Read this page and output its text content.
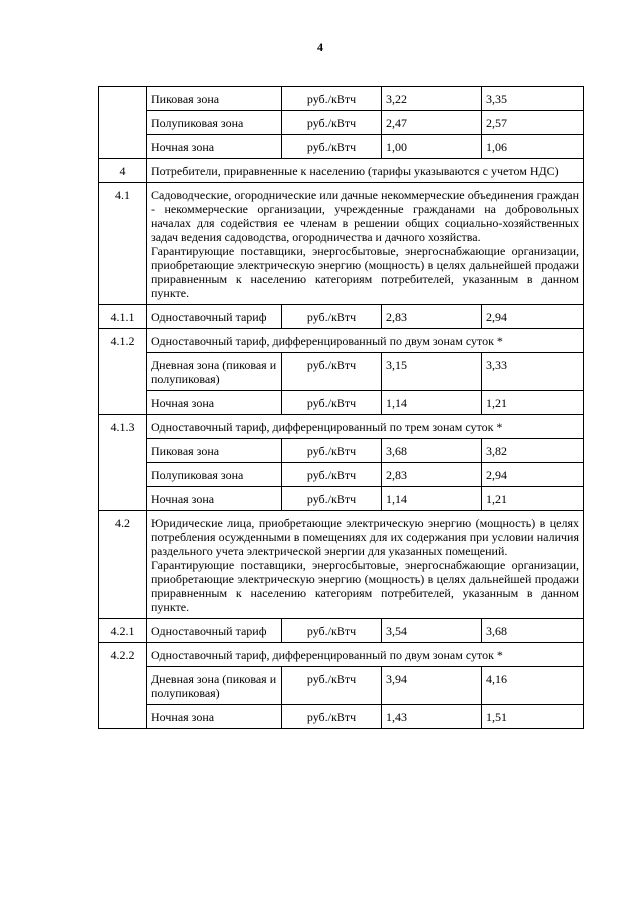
4
	Пиковая зона	руб./кВтч	3,22	3,35
	Полупиковая зона	руб./кВтч	2,47	2,57
	Ночная зона	руб./кВтч	1,00	1,06
4	Потребители, приравненные к населению (тарифы указываются с учетом НДС)			
4.1	Садоводческие, огороднические или дачные некоммерческие объединения граждан - некоммерческие организации, учрежденные гражданами на добровольных началах для содействия ее членам в решении общих социально-хозяйственных задач ведения садоводства, огородничества и дачного хозяйства.
Гарантирующие поставщики, энергосбытовые, энергоснабжающие организации, приобретающие электрическую энергию (мощность) в целях дальнейшей продажи приравненным к населению категориям потребителей, указанным в данном пункте.			

4.1.1	Одноставочный тариф	руб./кВтч	2,83	2,94
4.1.2	Одноставочный тариф, дифференцированный по двум зонам суток *			
	Дневная зона (пиковая и полупиковая)	руб./кВтч	3,15	3,33
	Ночная зона	руб./кВтч	1,14	1,21
4.1.3	Одноставочный тариф, дифференцированный по трем зонам суток *			
	Пиковая зона	руб./кВтч	3,68	3,82
	Полупиковая зона	руб./кВтч	2,83	2,94
	Ночная зона	руб./кВтч	1,14	1,21
4.2	Юридические лица, приобретающие электрическую энергию (мощность) в целях потребления осужденными в помещениях для их содержания при условии наличия раздельного учета электрической энергии для указанных помещений.
Гарантирующие поставщики, энергосбытовые, энергоснабжающие организации, приобретающие электрическую энергию (мощность) в целях дальнейшей продажи приравненным к населению категориям потребителей, указанным в данном пункте.			

4.2.1	Одноставочный тариф	руб./кВтч	3,54	3,68
4.2.2	Одноставочный тариф, дифференцированный по двум зонам суток *			
	Дневная зона (пиковая и полупиковая)	руб./кВтч	3,94	4,16
	Ночная зона	руб./кВтч	1,43	1,51
